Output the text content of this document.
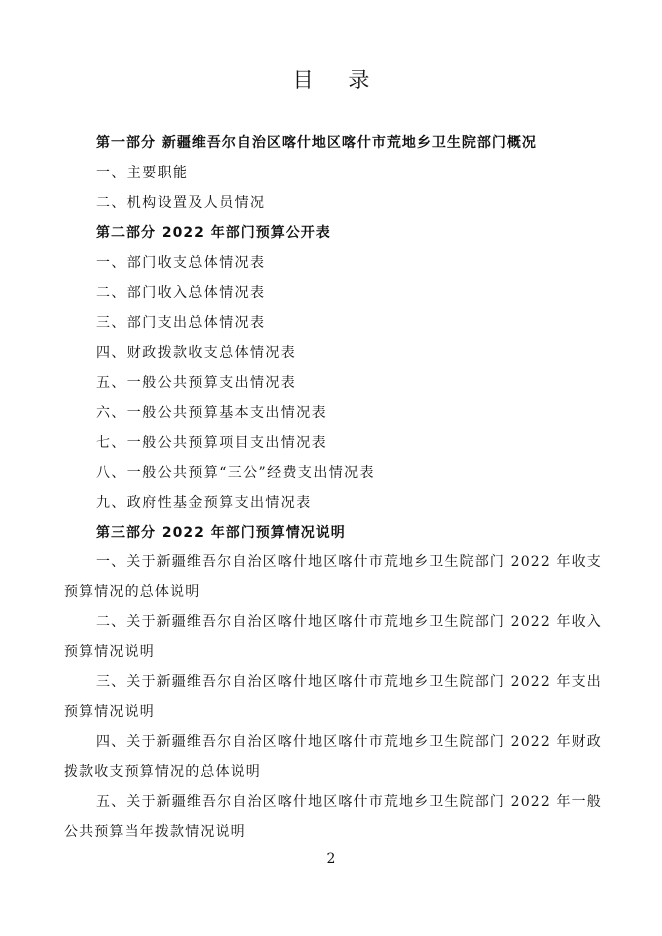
目 录
第一部分 新疆维吾尔自治区喀什地区喀什市荒地乡卫生院部门概况
一、主要职能
二、机构设置及人员情况
第二部分 2022 年部门预算公开表
一、部门收支总体情况表
二、部门收入总体情况表
三、部门支出总体情况表
四、财政拨款收支总体情况表
五、一般公共预算支出情况表
六、一般公共预算基本支出情况表
七、一般公共预算项目支出情况表
八、一般公共预算“三公”经费支出情况表
九、政府性基金预算支出情况表
第三部分 2022 年部门预算情况说明
一、关于新疆维吾尔自治区喀什地区喀什市荒地乡卫生院部门 2022 年收支预算情况的总体说明
二、关于新疆维吾尔自治区喀什地区喀什市荒地乡卫生院部门 2022 年收入预算情况说明
三、关于新疆维吾尔自治区喀什地区喀什市荒地乡卫生院部门 2022 年支出预算情况说明
四、关于新疆维吾尔自治区喀什地区喀什市荒地乡卫生院部门 2022 年财政拨款收支预算情况的总体说明
五、关于新疆维吾尔自治区喀什地区喀什市荒地乡卫生院部门 2022 年一般公共预算当年拨款情况说明
2
